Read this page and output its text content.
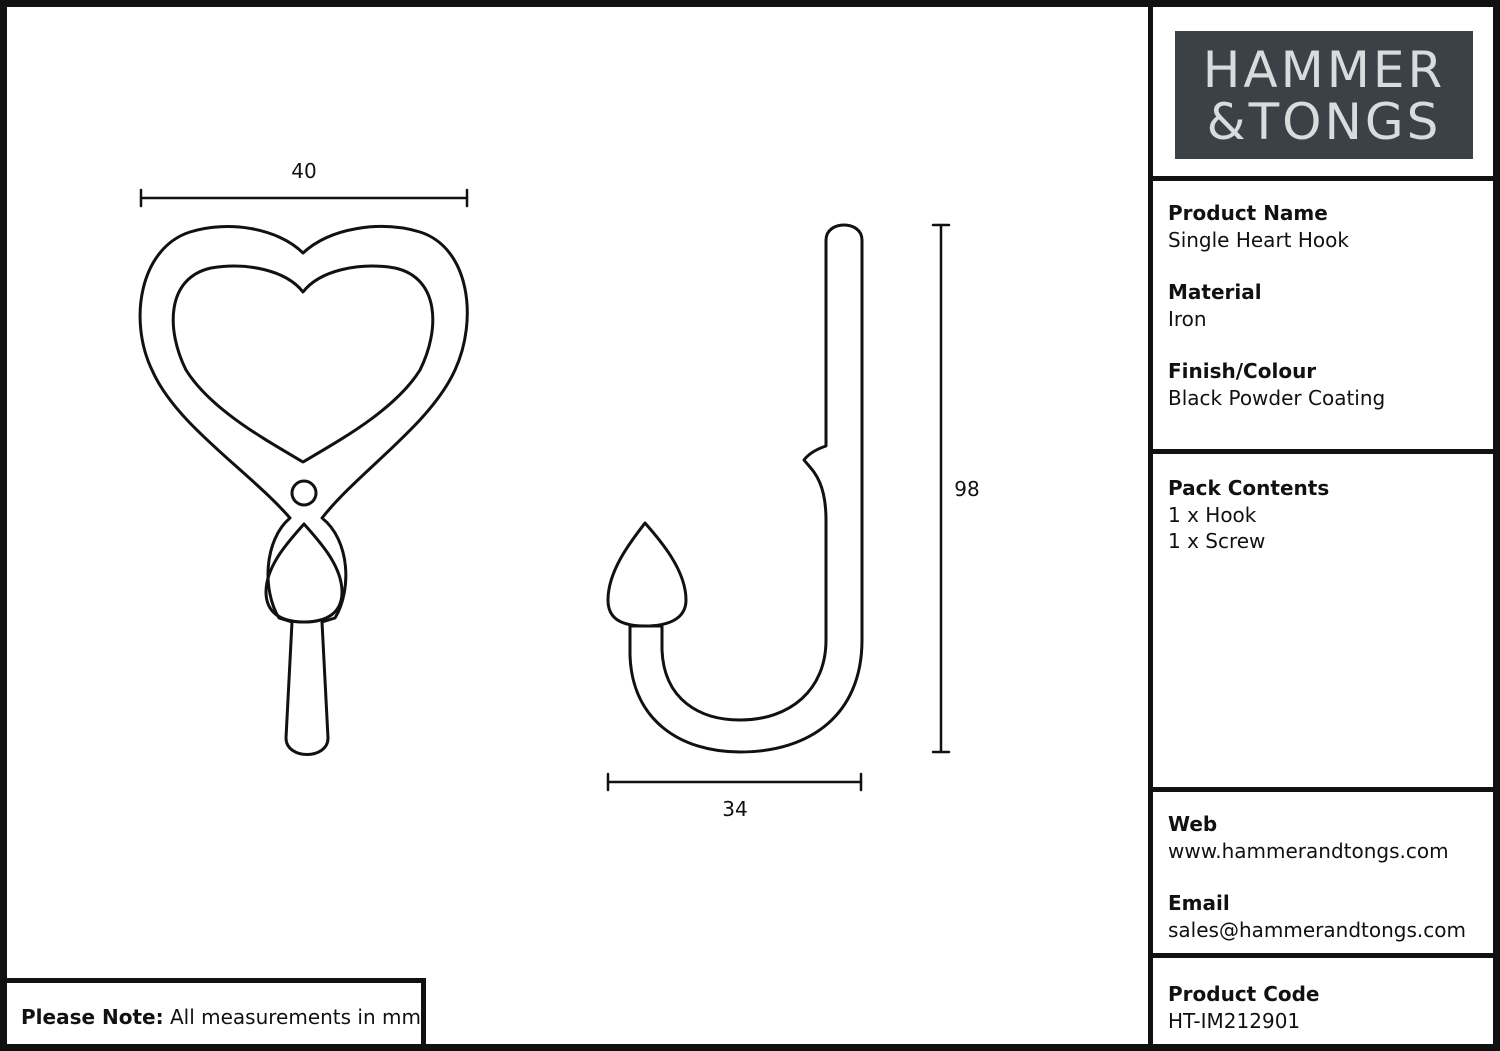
40
98
34
HAMMER
&TONGS
Product Name
Single Heart Hook
Material
Iron
Finish/Colour
Black Powder Coating
Pack Contents
1 x Hook
1 x Screw
Web
www.hammerandtongs.com
Email
sales@hammerandtongs.com
Product Code
HT-IM212901
Please Note: All measurements in mm
